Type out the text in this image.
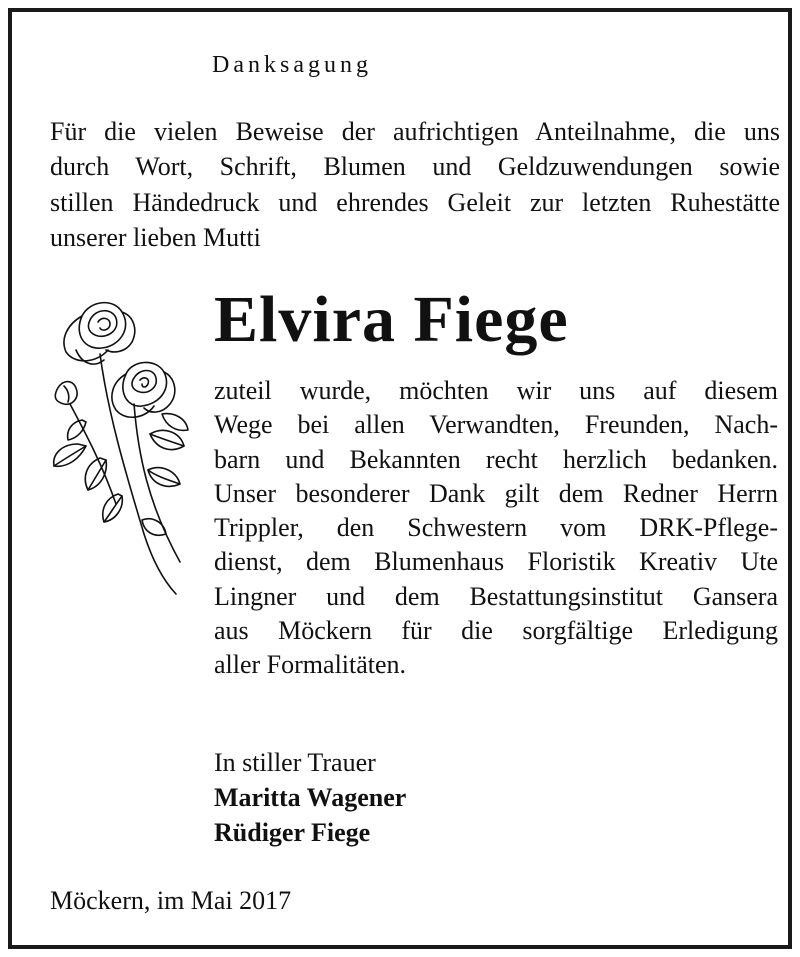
Danksagung
Für die vielen Beweise der aufrichtigen Anteilnahme, die uns
durch Wort, Schrift, Blumen und Geldzuwendungen sowie
stillen Händedruck und ehrendes Geleit zur letzten Ruhestätte
unserer lieben Mutti
Elvira Fiege
zuteil wurde, möchten wir uns auf diesem
Wege bei allen Verwandten, Freunden, Nach-
barn und Bekannten recht herzlich bedanken.
Unser besonderer Dank gilt dem Redner Herrn
Trippler, den Schwestern vom DRK-Pflege-
dienst, dem Blumenhaus Floristik Kreativ Ute
Lingner und dem Bestattungsinstitut Gansera
aus Möckern für die sorgfältige Erledigung
aller Formalitäten.
In stiller Trauer
Maritta Wagener
Rüdiger Fiege
Möckern, im Mai 2017
